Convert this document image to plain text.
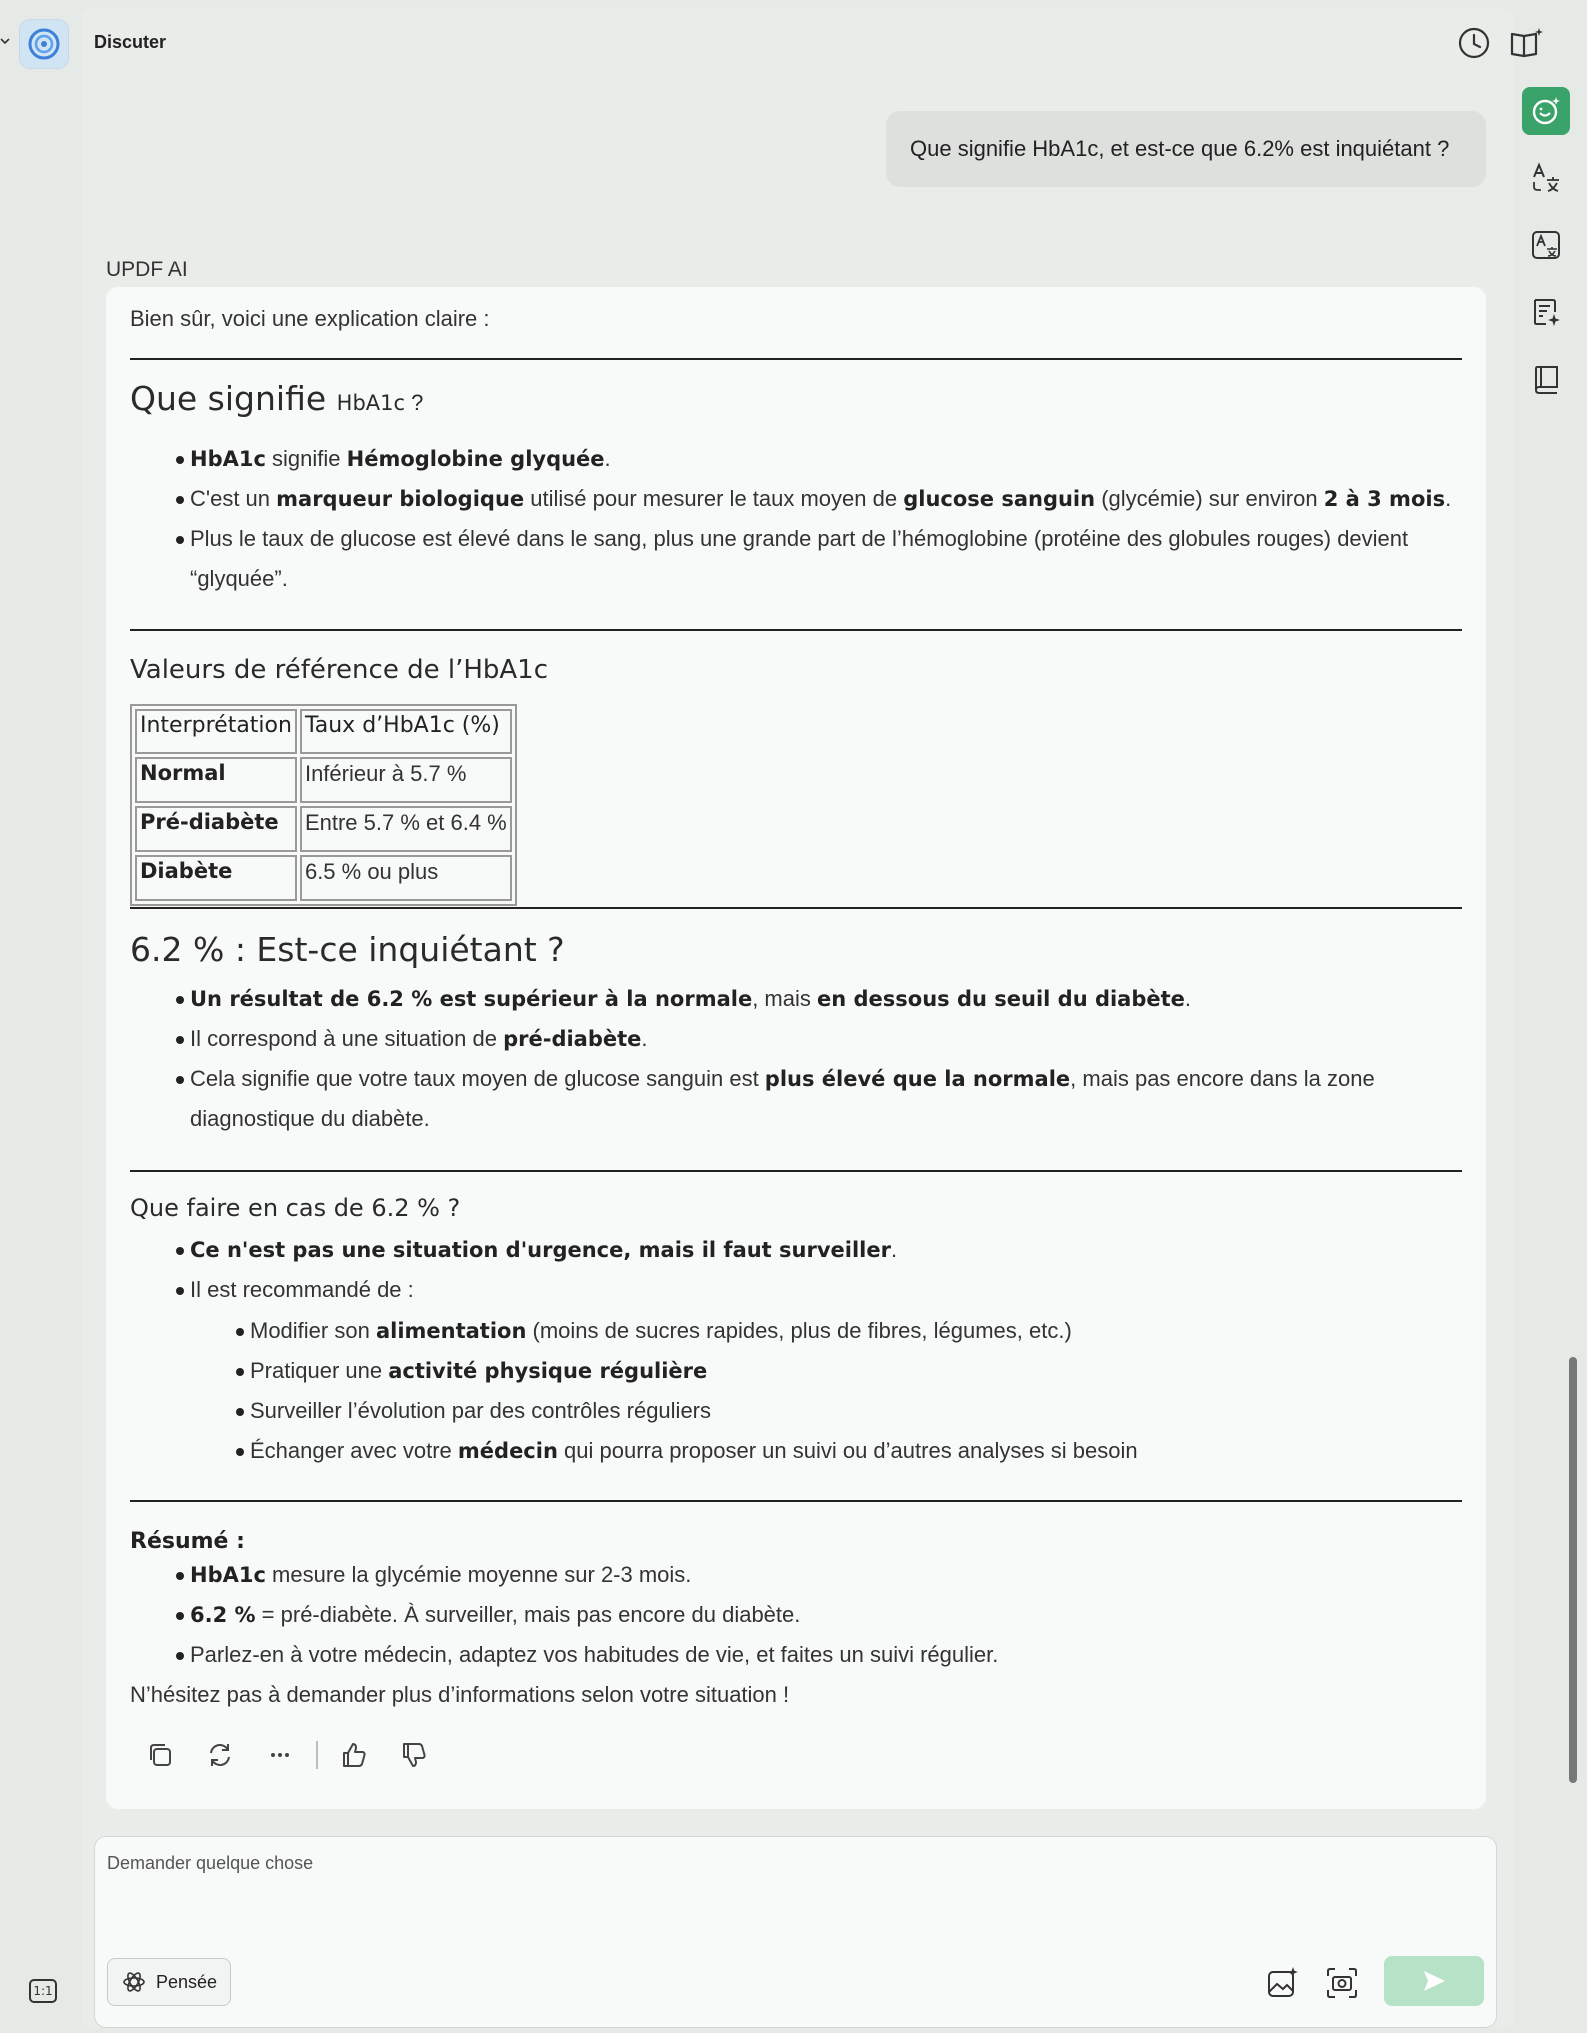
1:1
Discuter
Que signifie HbA1c, et est-ce que 6.2% est inquiétant ?
UPDF AI
Bien sûr, voici une explication claire :
Que signifie HbA1c ?
HbA1c signifie Hémoglobine glyquée.
C'est un marqueur biologique utilisé pour mesurer le taux moyen de glucose sanguin (glycémie) sur environ 2 à 3 mois.
Plus le taux de glucose est élevé dans le sang, plus une grande part de l’hémoglobine (protéine des globules rouges) devient “glyquée”.
Valeurs de référence de l’HbA1c
Interprétation	Taux d’HbA1c (%)
Normal	Inférieur à 5.7 %
Pré-diabète	Entre 5.7 % et 6.4 %
Diabète	6.5 % ou plus
6.2 % : Est-ce inquiétant ?
Un résultat de 6.2 % est supérieur à la normale, mais en dessous du seuil du diabète.
Il correspond à une situation de pré-diabète.
Cela signifie que votre taux moyen de glucose sanguin est plus élevé que la normale, mais pas encore dans la zone diagnostique du diabète.
Que faire en cas de 6.2 % ?
Ce n'est pas une situation d'urgence, mais il faut surveiller.
Il est recommandé de :
Modifier son alimentation (moins de sucres rapides, plus de fibres, légumes, etc.)
Pratiquer une activité physique régulière
Surveiller l’évolution par des contrôles réguliers
Échanger avec votre médecin qui pourra proposer un suivi ou d’autres analyses si besoin
Résumé :
HbA1c mesure la glycémie moyenne sur 2-3 mois.
6.2 % = pré-diabète. À surveiller, mais pas encore du diabète.
Parlez-en à votre médecin, adaptez vos habitudes de vie, et faites un suivi régulier.
N’hésitez pas à demander plus d’informations selon votre situation !
Demander quelque chose
Pensée
